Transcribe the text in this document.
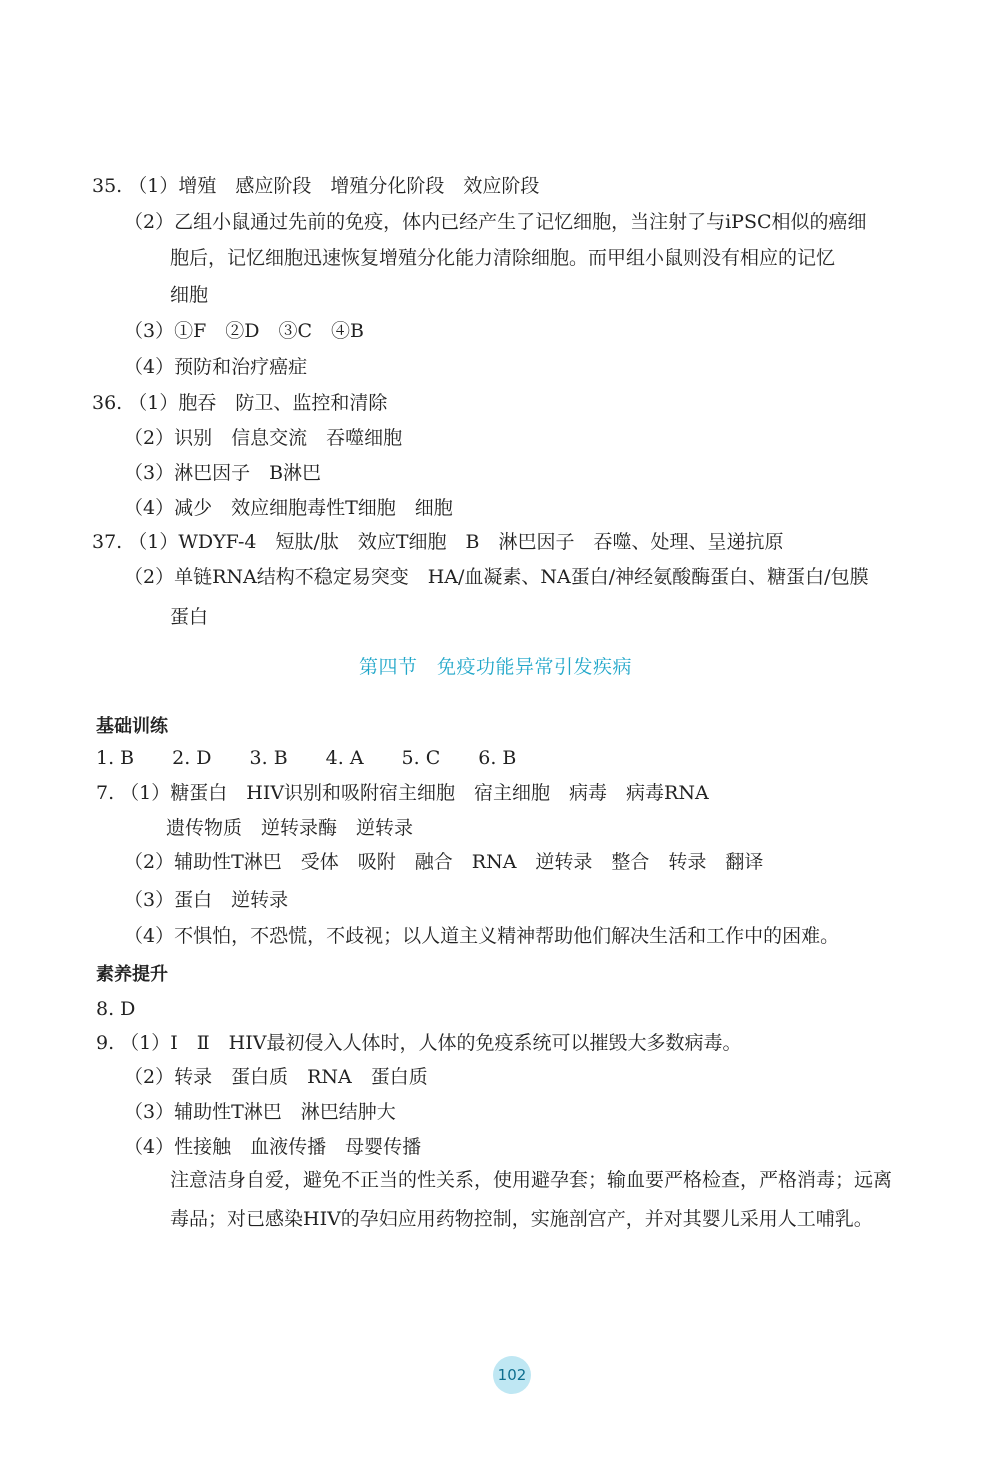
35. （1）增殖　感应阶段　增殖分化阶段　效应阶段
（2）乙组小鼠通过先前的免疫，体内已经产生了记忆细胞，当注射了与iPSC相似的癌细
胞后，记忆细胞迅速恢复增殖分化能力清除细胞。而甲组小鼠则没有相应的记忆
细胞
（3）①F　②D　③C　④B
（4）预防和治疗癌症
36. （1）胞吞　防卫、监控和清除
（2）识别　信息交流　吞噬细胞
（3）淋巴因子　B淋巴
（4）减少　效应细胞毒性T细胞　细胞
37. （1）WDYF-4　短肽/肽　效应T细胞　B　淋巴因子　吞噬、处理、呈递抗原
（2）单链RNA结构不稳定易突变　HA/血凝素、NA蛋白/神经氨酸酶蛋白、糖蛋白/包膜
蛋白
第四节　免疫功能异常引发疾病
基础训练
1. B　　2. D　　3. B　　4. A　　5. C　　6. B
7. （1）糖蛋白　HIV识别和吸附宿主细胞　宿主细胞　病毒　病毒RNA
遗传物质　逆转录酶　逆转录
（2）辅助性T淋巴　受体　吸附　融合　RNA　逆转录　整合　转录　翻译
（3）蛋白　逆转录
（4）不惧怕，不恐慌，不歧视；以人道主义精神帮助他们解决生活和工作中的困难。
素养提升
8. D
9. （1）Ⅰ　Ⅱ　HIV最初侵入人体时，人体的免疫系统可以摧毁大多数病毒。
（2）转录　蛋白质　RNA　蛋白质
（3）辅助性T淋巴　淋巴结肿大
（4）性接触　血液传播　母婴传播
注意洁身自爱，避免不正当的性关系，使用避孕套；输血要严格检查，严格消毒；远离
毒品；对已感染HIV的孕妇应用药物控制，实施剖宫产，并对其婴儿采用人工哺乳。
102
